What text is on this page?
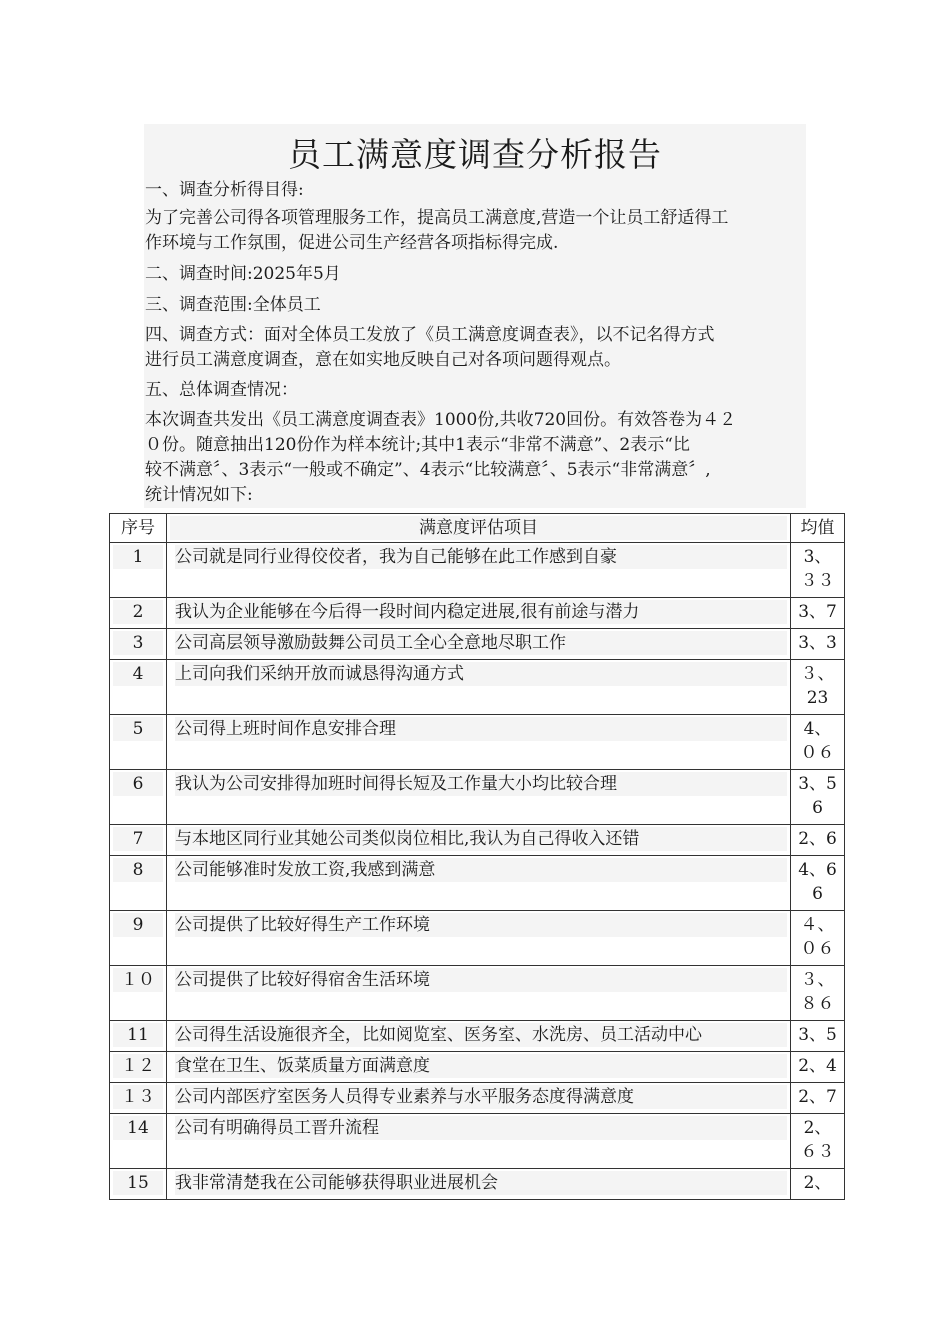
员工满意度调查分析报告
一、调查分析得目得:
为了完善公司得各项管理服务工作，提高员工满意度,营造一个让员工舒适得工
作环境与工作氛围，促进公司生产经营各项指标得完成.
二、调查时间:2025年5月
三、调查范围:全体员工
四、调查方式：面对全体员工发放了《员工满意度调查表》，以不记名得方式
进行员工满意度调查，意在如实地反映自己对各项问题得观点。
五、总体调查情况：
本次调查共发出《员工满意度调查表》1000份,共收720回份。有效答卷为４２
０份。随意抽出120份作为样本统计;其中1表示“非常不满意”、2表示“比
较不满意〞、3表示“一般或不确定”、4表示“比较满意〞、5表示“非常满意〞,
统计情况如下:
序号	满意度评估项目	均值

1	公司就是同行业得佼佼者，我为自己能够在此工作感到自豪	3、
３３

2	我认为企业能够在今后得一段时间内稳定进展,很有前途与潜力	3、7

3	公司高层领导激励鼓舞公司员工全心全意地尽职工作	3、3

4	上司向我们采纳开放而诚恳得沟通方式	３、
23

5	公司得上班时间作息安排合理	4、
０６

6	我认为公司安排得加班时间得长短及工作量大小均比较合理	3、5
6

7	与本地区同行业其她公司类似岗位相比,我认为自己得收入还错	2、6

8	公司能够准时发放工资,我感到满意	4、6
6

9	公司提供了比较好得生产工作环境	４、
０６

１０	公司提供了比较好得宿舍生活环境	３、
８６

11	公司得生活设施很齐全，比如阅览室、医务室、水洗房、员工活动中心	3、5

１２	食堂在卫生、饭菜质量方面满意度	2、4

１３	公司内部医疗室医务人员得专业素养与水平服务态度得满意度	2、7

14	公司有明确得员工晋升流程	2、
６３

15	我非常清楚我在公司能够获得职业进展机会	2、
